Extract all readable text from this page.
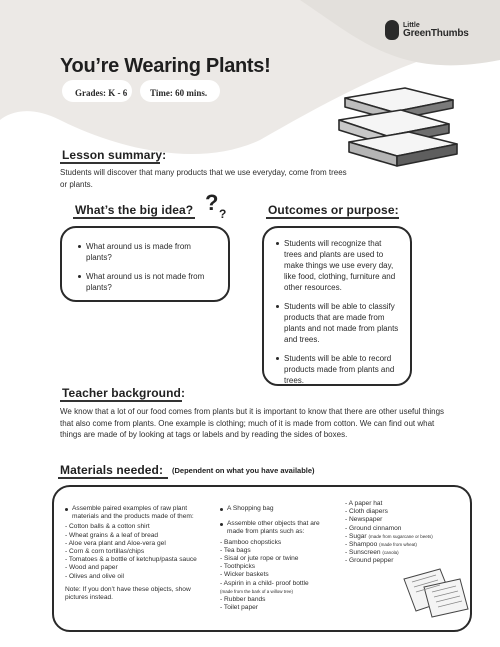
Little
GreenThumbs
You’re Wearing Plants!
Grades: K - 6	Time: 60 mins.
Lesson summary:
Students will discover that many products that we use everyday, come from trees or plants.
What’s the big idea? ? ?
What around us is made from plants?
What around us is not made from plants?
Outcomes or purpose:
Students will recognize that trees and plants are used to make things we use every day, like food, clothing, furniture and other resources.
Students will be able to classify products that are made from plants and not made from plants and trees.
Students will be able to record products made from plants and trees.
Teacher background:
We know that a lot of our food comes from plants but it is important to know that there are other useful things that also come from plants. One example is clothing; much of it is made from cotton. We can find out what things are made of by looking at tags or labels and by reading the sides of boxes.
Materials needed: (Dependent on what you have available)
Assemble paired examples of raw plant materials and the products made of them:
- Cotton balls & a cotton shirt
- Wheat grains & a leaf of bread
- Aloe vera plant and Aloe-vera gel
- Corn & corn tortillas/chips
- Tomatoes & a bottle of ketchup/pasta sauce
- Wood and paper
- Olives and olive oil
Note: If you don’t have these objects, show pictures instead.
A Shopping bag
Assemble other objects that are made from plants such as:
- Bamboo chopsticks
- Tea bags
- Sisal or jute rope or twine
- Toothpicks
- Wicker baskets
- Aspirin in a child- proof bottle
(made from the bark of a willow tree)
- Rubber bands
- Toilet paper
- A paper hat
- Cloth diapers
- Newspaper
- Ground cinnamon
- Sugar (made from sugarcane or beets)
- Shampoo (made from wheat)
- Sunscreen (canola)
- Ground pepper
